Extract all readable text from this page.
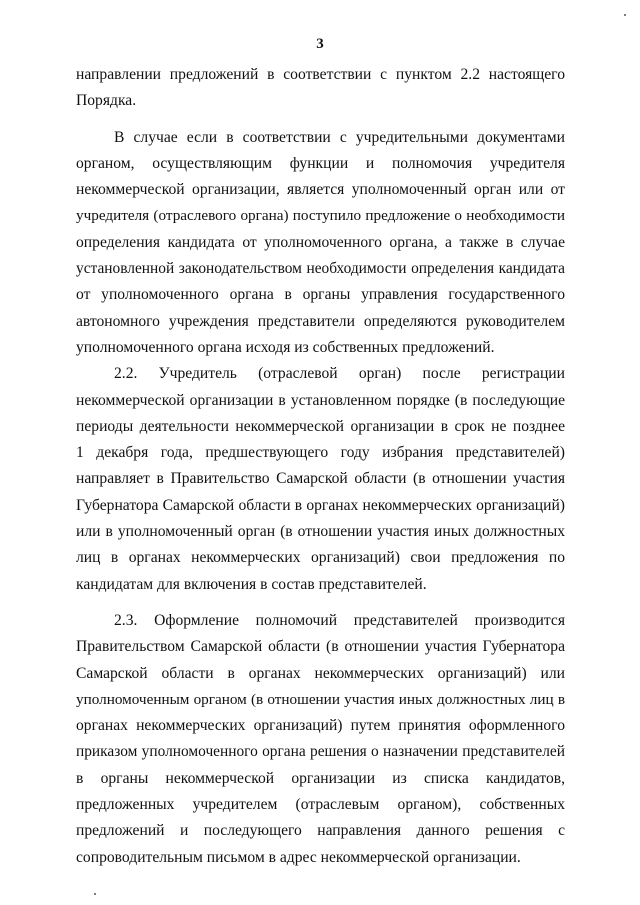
3
направлении предложений в соответствии с пунктом 2.2 настоящего
Порядка.
В случае если в соответствии с учредительными документами
органом, осуществляющим функции и полномочия учредителя
некоммерческой организации, является уполномоченный орган или от
учредителя (отраслевого органа) поступило предложение о необходимости
определения кандидата от уполномоченного органа, а также в случае
установленной законодательством необходимости определения кандидата
от уполномоченного органа в органы управления государственного
автономного учреждения представители определяются руководителем
уполномоченного органа исходя из собственных предложений.
2.2. Учредитель (отраслевой орган) после регистрации
некоммерческой организации в установленном порядке (в последующие
периоды деятельности некоммерческой организации в срок не позднее
1 декабря года, предшествующего году избрания представителей)
направляет в Правительство Самарской области (в отношении участия
Губернатора Самарской области в органах некоммерческих организаций)
или в уполномоченный орган (в отношении участия иных должностных
лиц в органах некоммерческих организаций) свои предложения по
кандидатам для включения в состав представителей.
2.3. Оформление полномочий представителей производится
Правительством Самарской области (в отношении участия Губернатора
Самарской области в органах некоммерческих организаций) или
уполномоченным органом (в отношении участия иных должностных лиц в
органах некоммерческих организаций) путем принятия оформленного
приказом уполномоченного органа решения о назначении представителей
в органы некоммерческой организации из списка кандидатов,
предложенных учредителем (отраслевым органом), собственных
предложений и последующего направления данного решения с
сопроводительным письмом в адрес некоммерческой организации.
